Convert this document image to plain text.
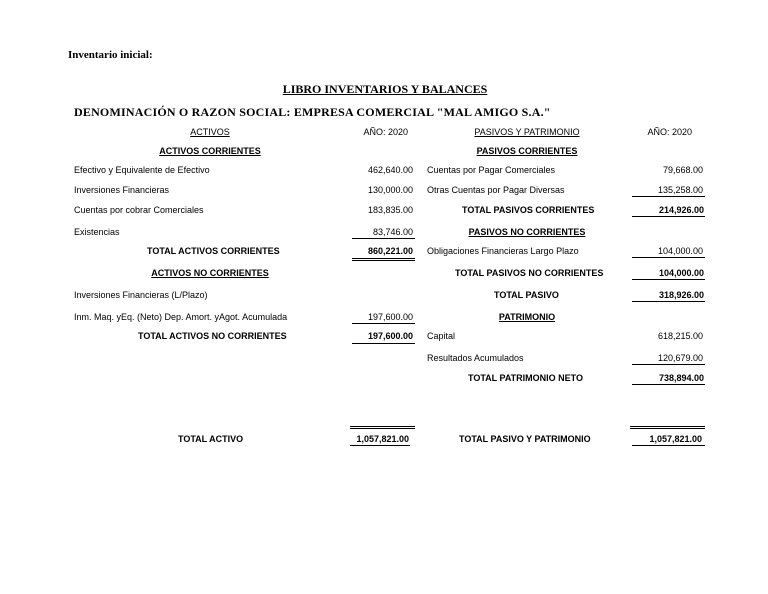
Inventario inicial:
LIBRO INVENTARIOS Y BALANCES
DENOMINACIÓN O RAZON SOCIAL: EMPRESA COMERCIAL "MAL AMIGO S.A."
ACTIVOS	AÑO: 2020
ACTIVOS CORRIENTES
Efectivo y Equivalente de Efectivo	462,640.00
Inversiones Financieras	130,000.00
Cuentas por cobrar Comerciales	183,835.00
Existencias	83,746.00
TOTAL ACTIVOS CORRIENTES	860,221.00
ACTIVOS NO CORRIENTES
Inversiones Financieras (L/Plazo)
Inm. Maq. yEq. (Neto) Dep. Amort. yAgot. Acumulada	197,600.00
TOTAL ACTIVOS NO CORRIENTES	197,600.00
TOTAL ACTIVO	1,057,821.00
PASIVOS Y PATRIMONIO	AÑO: 2020
PASIVOS CORRIENTES
Cuentas por Pagar Comerciales	79,668.00
Otras Cuentas por Pagar Diversas	135,258.00
TOTAL PASIVOS CORRIENTES	214,926.00
PASIVOS NO CORRIENTES
Obligaciones Financieras Largo Plazo	104,000.00
TOTAL PASIVOS NO CORRIENTES	104,000.00
TOTAL PASIVO	318,926.00
PATRIMONIO
Capital	618,215.00
Resultados Acumulados	120,679.00
TOTAL PATRIMONIO NETO	738,894.00
TOTAL PASIVO Y PATRIMONIO	1,057,821.00
